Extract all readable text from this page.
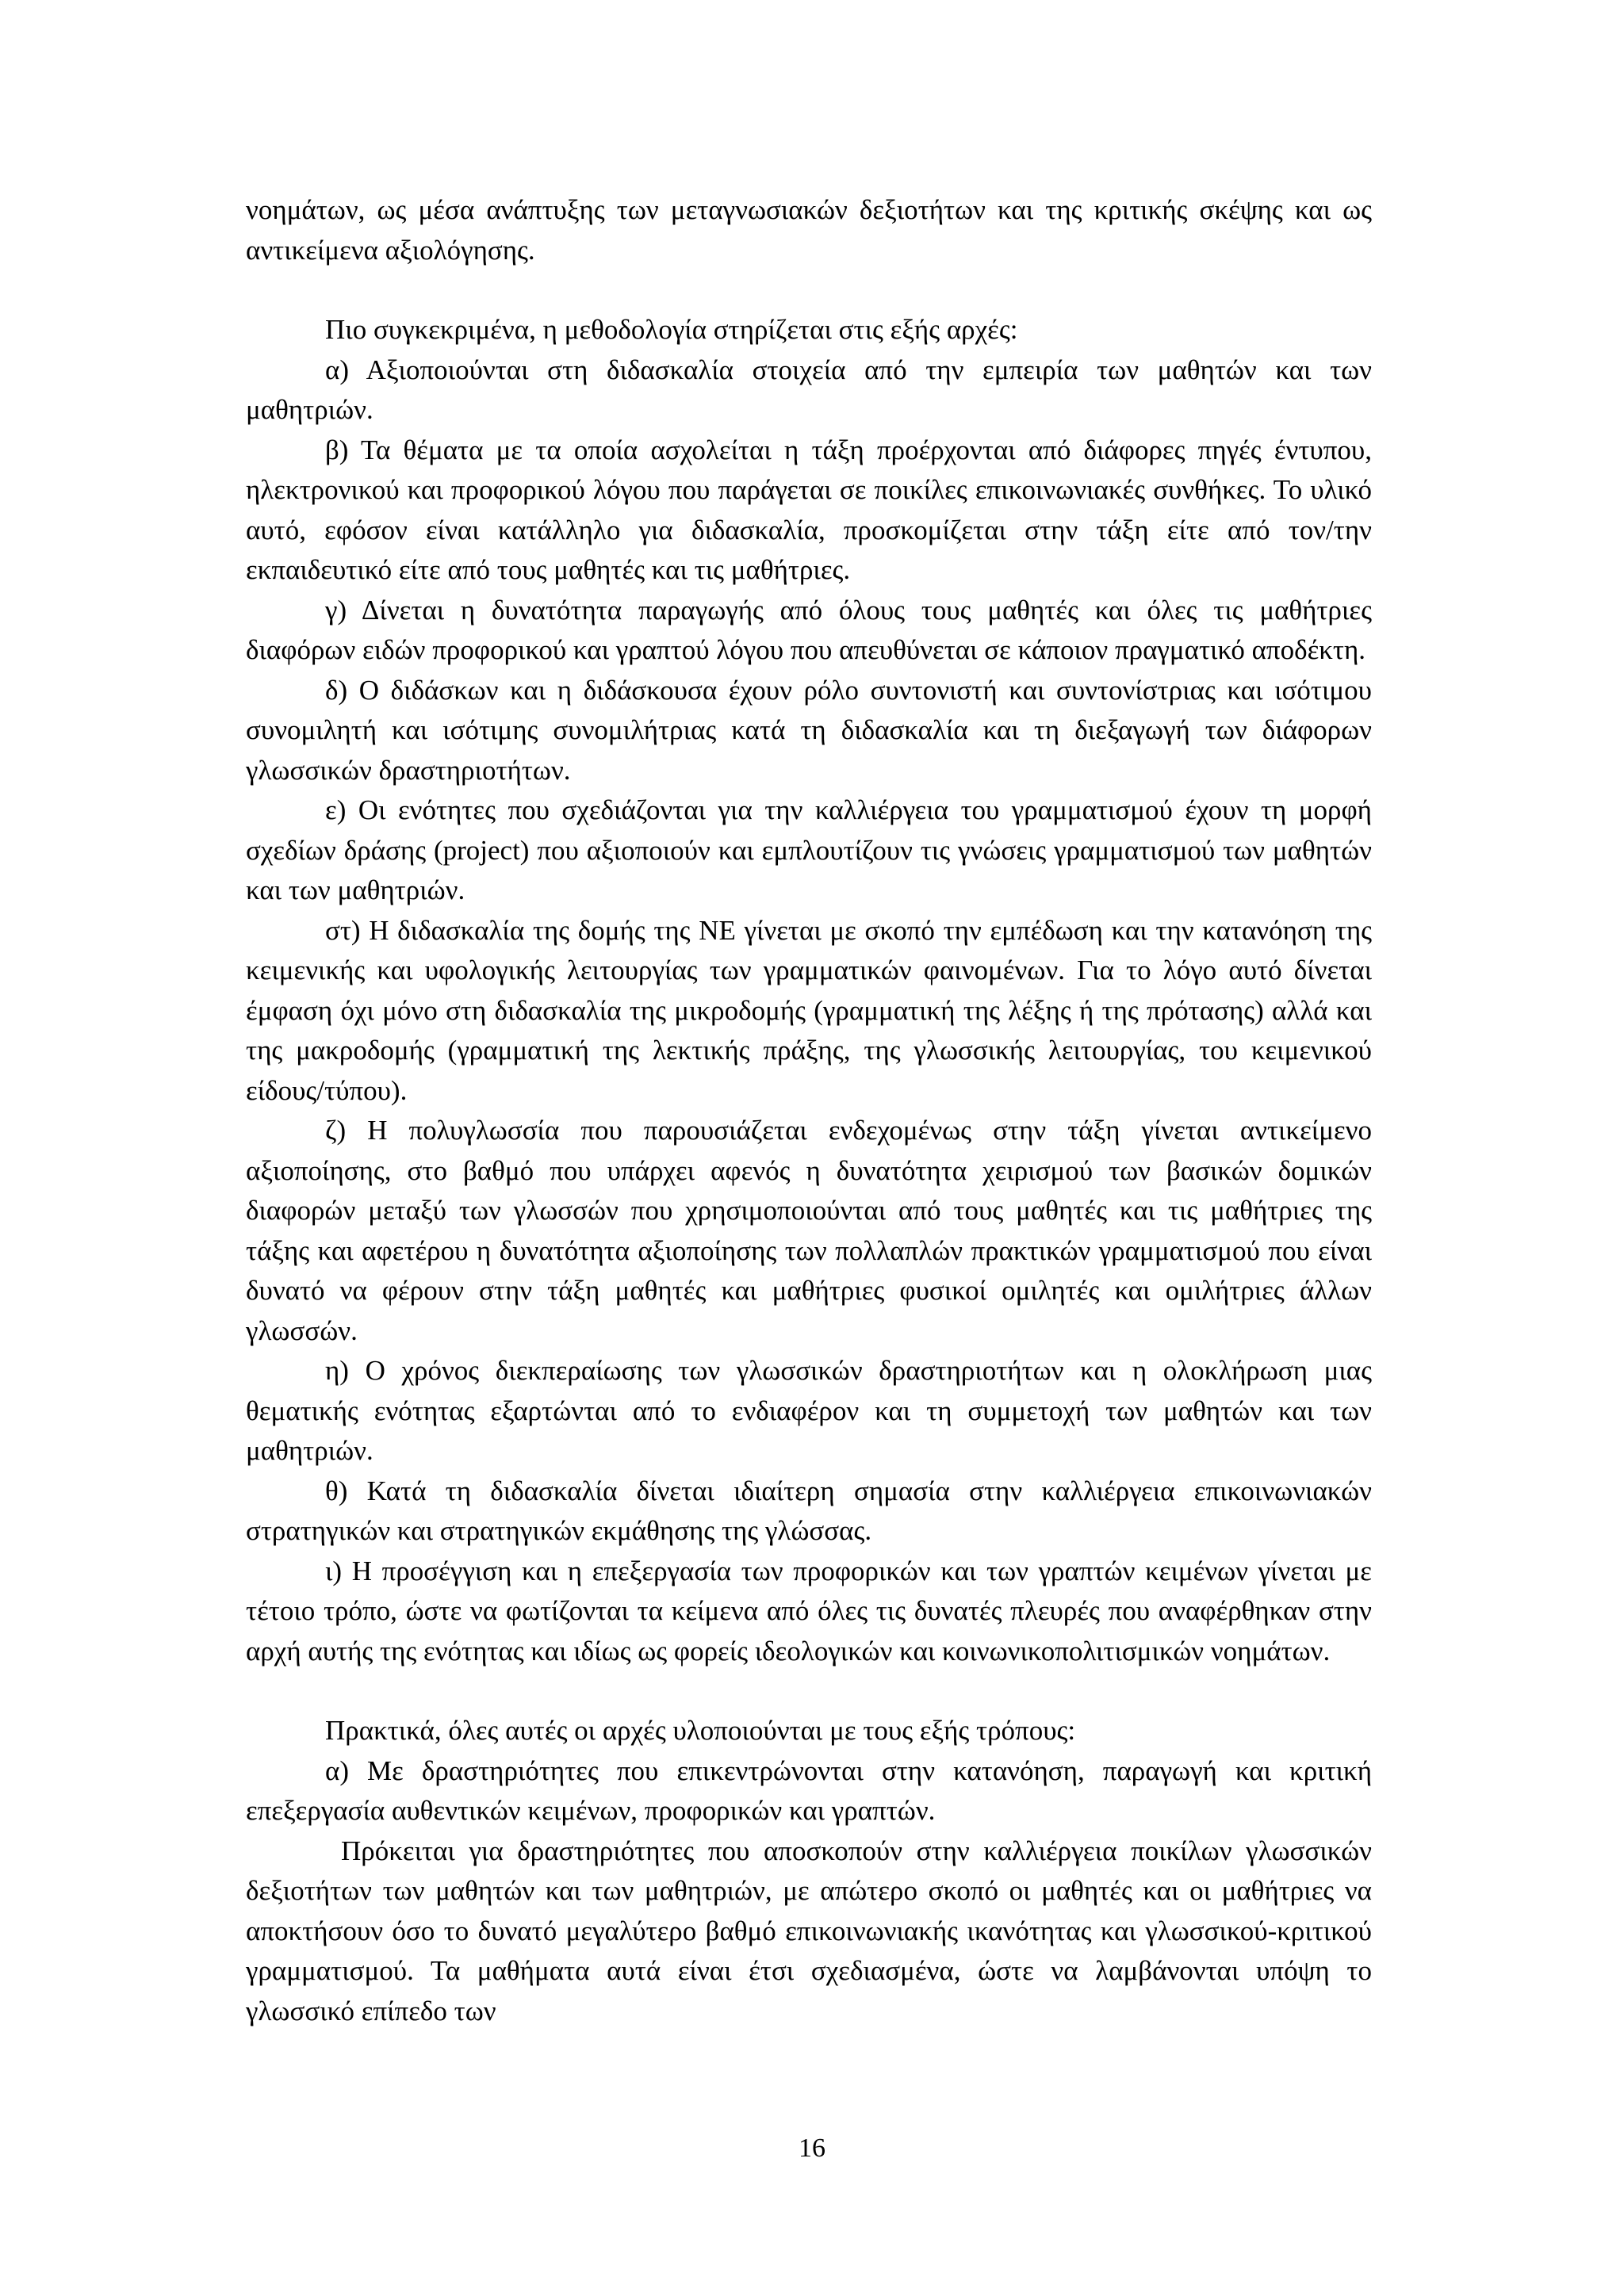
νοημάτων, ως μέσα ανάπτυξης των μεταγνωσιακών δεξιοτήτων και της κριτικής σκέψης και ως αντικείμενα αξιολόγησης.

Πιο συγκεκριμένα, η μεθοδολογία στηρίζεται στις εξής αρχές:

α) Αξιοποιούνται στη διδασκαλία στοιχεία από την εμπειρία των μαθητών και των μαθητριών.

β) Τα θέματα με τα οποία ασχολείται η τάξη προέρχονται από διάφορες πηγές έντυπου, ηλεκτρονικού και προφορικού λόγου που παράγεται σε ποικίλες επικοινωνιακές συνθήκες. Το υλικό αυτό, εφόσον είναι κατάλληλο για διδασκαλία, προσκομίζεται στην τάξη είτε από τον/την εκπαιδευτικό είτε από τους μαθητές και τις μαθήτριες.

γ) Δίνεται η δυνατότητα παραγωγής από όλους τους μαθητές και όλες τις μαθήτριες διαφόρων ειδών προφορικού και γραπτού λόγου που απευθύνεται σε κάποιον πραγματικό αποδέκτη.

δ) Ο διδάσκων και η διδάσκουσα έχουν ρόλο συντονιστή και συντονίστριας και ισότιμου συνομιλητή και ισότιμης συνομιλήτριας κατά τη διδασκαλία και τη διεξαγωγή των διάφορων γλωσσικών δραστηριοτήτων.

ε) Οι ενότητες που σχεδιάζονται για την καλλιέργεια του γραμματισμού έχουν τη μορφή σχεδίων δράσης (project) που αξιοποιούν και εμπλουτίζουν τις γνώσεις γραμματισμού των μαθητών και των μαθητριών.

στ) Η διδασκαλία της δομής της ΝΕ γίνεται με σκοπό την εμπέδωση και την κατανόηση της κειμενικής και υφολογικής λειτουργίας των γραμματικών φαινομένων. Για το λόγο αυτό δίνεται έμφαση όχι μόνο στη διδασκαλία της μικροδομής (γραμματική της λέξης ή της πρότασης) αλλά και της μακροδομής (γραμματική της λεκτικής πράξης, της γλωσσικής λειτουργίας, του κειμενικού είδους/τύπου).

ζ) Η πολυγλωσσία που παρουσιάζεται ενδεχομένως στην τάξη γίνεται αντικείμενο αξιοποίησης, στο βαθμό που υπάρχει αφενός η δυνατότητα χειρισμού των βασικών δομικών διαφορών μεταξύ των γλωσσών που χρησιμοποιούνται από τους μαθητές και τις μαθήτριες της τάξης και αφετέρου η δυνατότητα αξιοποίησης των πολλαπλών πρακτικών γραμματισμού που είναι δυνατό να φέρουν στην τάξη μαθητές και μαθήτριες φυσικοί ομιλητές και ομιλήτριες άλλων γλωσσών.

η) Ο χρόνος διεκπεραίωσης των γλωσσικών δραστηριοτήτων και η ολοκλήρωση μιας θεματικής ενότητας εξαρτώνται από το ενδιαφέρον και τη συμμετοχή των μαθητών και των μαθητριών.

θ) Κατά τη διδασκαλία δίνεται ιδιαίτερη σημασία στην καλλιέργεια επικοινωνιακών στρατηγικών και στρατηγικών εκμάθησης της γλώσσας.

ι) Η προσέγγιση και η επεξεργασία των προφορικών και των γραπτών κειμένων γίνεται με τέτοιο τρόπο, ώστε να φωτίζονται τα κείμενα από όλες τις δυνατές πλευρές που αναφέρθηκαν στην αρχή αυτής της ενότητας και ιδίως ως φορείς ιδεολογικών και κοινωνικοπολιτισμικών νοημάτων.

Πρακτικά, όλες αυτές οι αρχές υλοποιούνται με τους εξής τρόπους:

α) Με δραστηριότητες που επικεντρώνονται στην κατανόηση, παραγωγή και κριτική επεξεργασία αυθεντικών κειμένων, προφορικών και γραπτών.

Πρόκειται για δραστηριότητες που αποσκοπούν στην καλλιέργεια ποικίλων γλωσσικών δεξιοτήτων των μαθητών και των μαθητριών, με απώτερο σκοπό οι μαθητές και οι μαθήτριες να αποκτήσουν όσο το δυνατό μεγαλύτερο βαθμό επικοινωνιακής ικανότητας και γλωσσικού-κριτικού γραμματισμού. Τα μαθήματα αυτά είναι έτσι σχεδιασμένα, ώστε να λαμβάνονται υπόψη το γλωσσικό επίπεδο των

16
